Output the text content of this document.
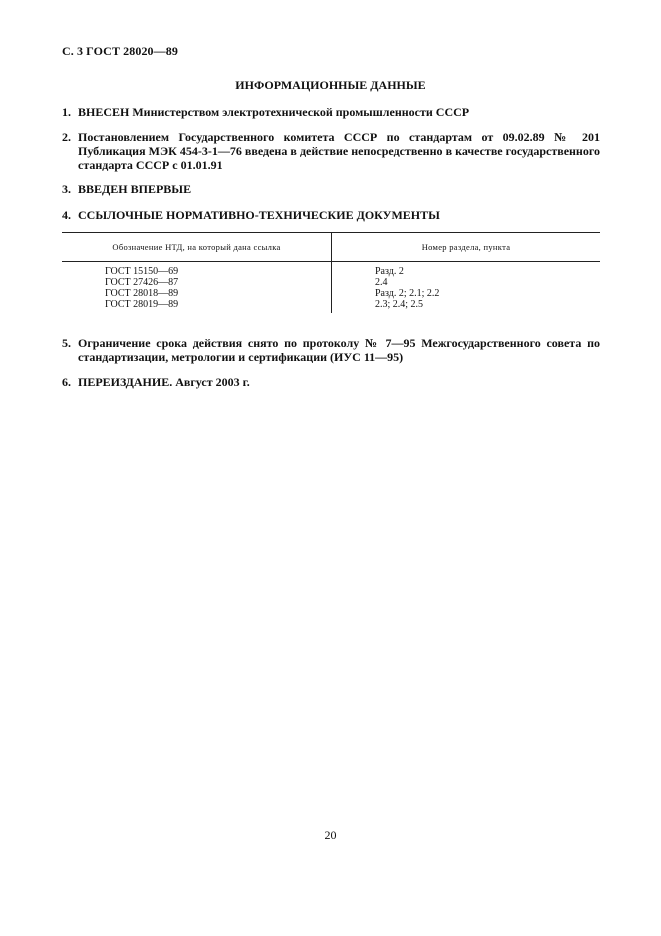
С. 3 ГОСТ 28020—89
ИНФОРМАЦИОННЫЕ ДАННЫЕ
1. ВНЕСЕН Министерством электротехнической промышленности СССР
2. Постановлением Государственного комитета СССР по стандартам от 09.02.89 № 201 Публикация МЭК 454-3-1—76 введена в действие непосредственно в качестве государственного стандарта СССР с 01.01.91
3. ВВЕДЕН ВПЕРВЫЕ
4. ССЫЛОЧНЫЕ НОРМАТИВНО-ТЕХНИЧЕСКИЕ ДОКУМЕНТЫ
Обозначение НТД, на который дана ссылка	Номер раздела, пункта
ГОСТ 15150—69	Разд. 2
ГОСТ 27426—87	2.4
ГОСТ 28018—89	Разд. 2; 2.1; 2.2
ГОСТ 28019—89	2.3; 2.4; 2.5
5. Ограничение срока действия снято по протоколу № 7—95 Межгосударственного совета по стандартизации, метрологии и сертификации (ИУС 11—95)
6. ПЕРЕИЗДАНИЕ. Август 2003 г.
20
